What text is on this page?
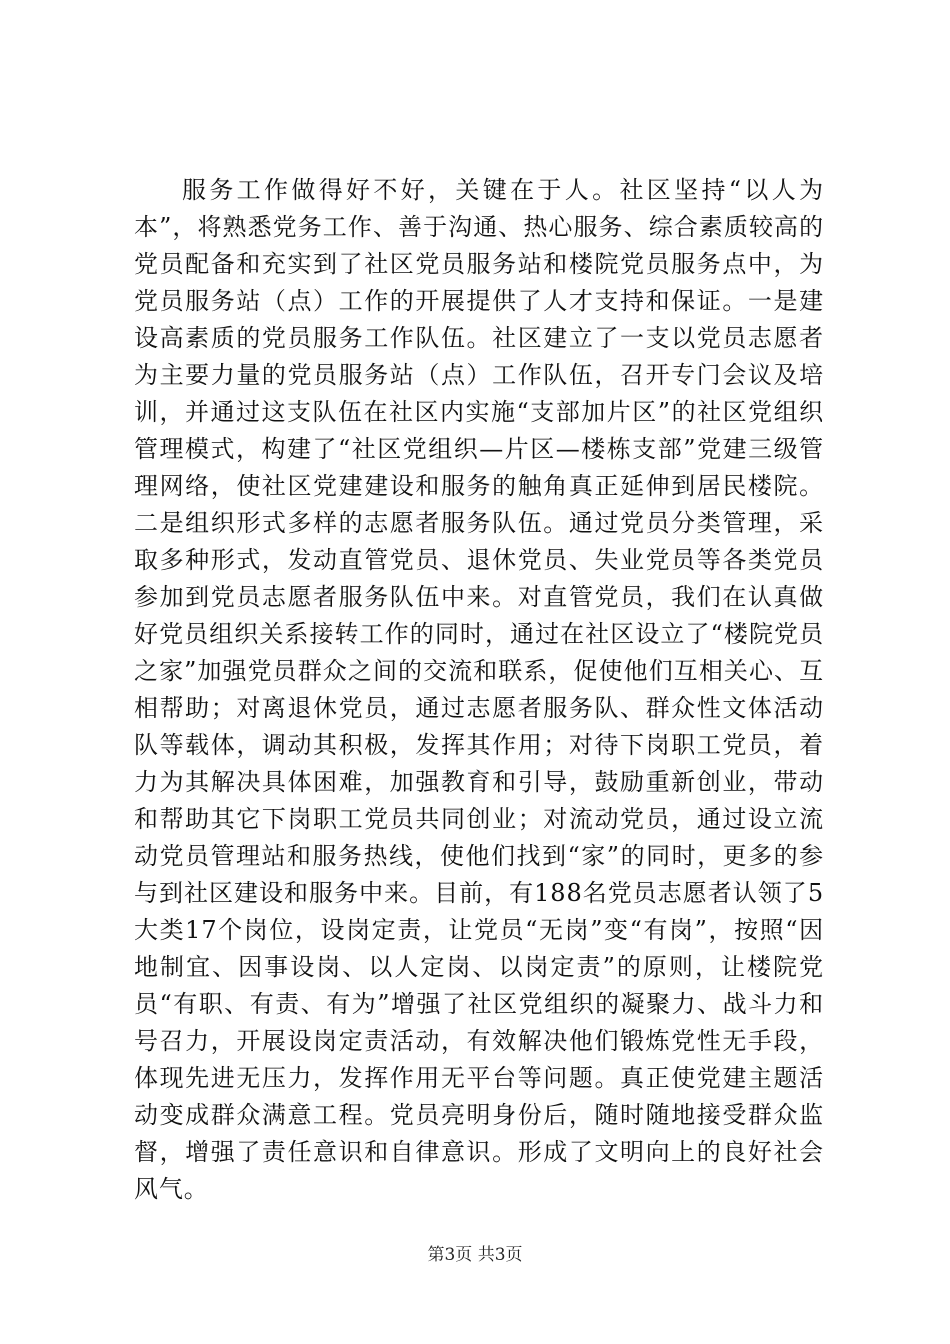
服务工作做得好不好，关键在于人。社区坚持“以人为本”，将熟悉党务工作、善于沟通、热心服务、综合素质较高的党员配备和充实到了社区党员服务站和楼院党员服务点中，为党员服务站（点）工作的开展提供了人才支持和保证。一是建设高素质的党员服务工作队伍。社区建立了一支以党员志愿者为主要力量的党员服务站（点）工作队伍，召开专门会议及培训，并通过这支队伍在社区内实施“支部加片区”的社区党组织管理模式，构建了“社区党组织—片区—楼栋支部”党建三级管理网络，使社区党建建设和服务的触角真正延伸到居民楼院。二是组织形式多样的志愿者服务队伍。通过党员分类管理，采取多种形式，发动直管党员、退休党员、失业党员等各类党员参加到党员志愿者服务队伍中来。对直管党员，我们在认真做好党员组织关系接转工作的同时，通过在社区设立了“楼院党员之家”加强党员群众之间的交流和联系，促使他们互相关心、互相帮助；对离退休党员，通过志愿者服务队、群众性文体活动队等载体，调动其积极，发挥其作用；对待下岗职工党员，着力为其解决具体困难，加强教育和引导，鼓励重新创业，带动和帮助其它下岗职工党员共同创业；对流动党员，通过设立流动党员管理站和服务热线，使他们找到“家”的同时，更多的参与到社区建设和服务中来。目前，有188名党员志愿者认领了5大类17个岗位，设岗定责，让党员“无岗”变“有岗”，按照“因地制宜、因事设岗、以人定岗、以岗定责”的原则，让楼院党员“有职、有责、有为”增强了社区党组织的凝聚力、战斗力和号召力，开展设岗定责活动，有效解决他们锻炼党性无手段，体现先进无压力，发挥作用无平台等问题。真正使党建主题活动变成群众满意工程。党员亮明身份后，随时随地接受群众监督，增强了责任意识和自律意识。形成了文明向上的良好社会风气。

第3页 共3页
